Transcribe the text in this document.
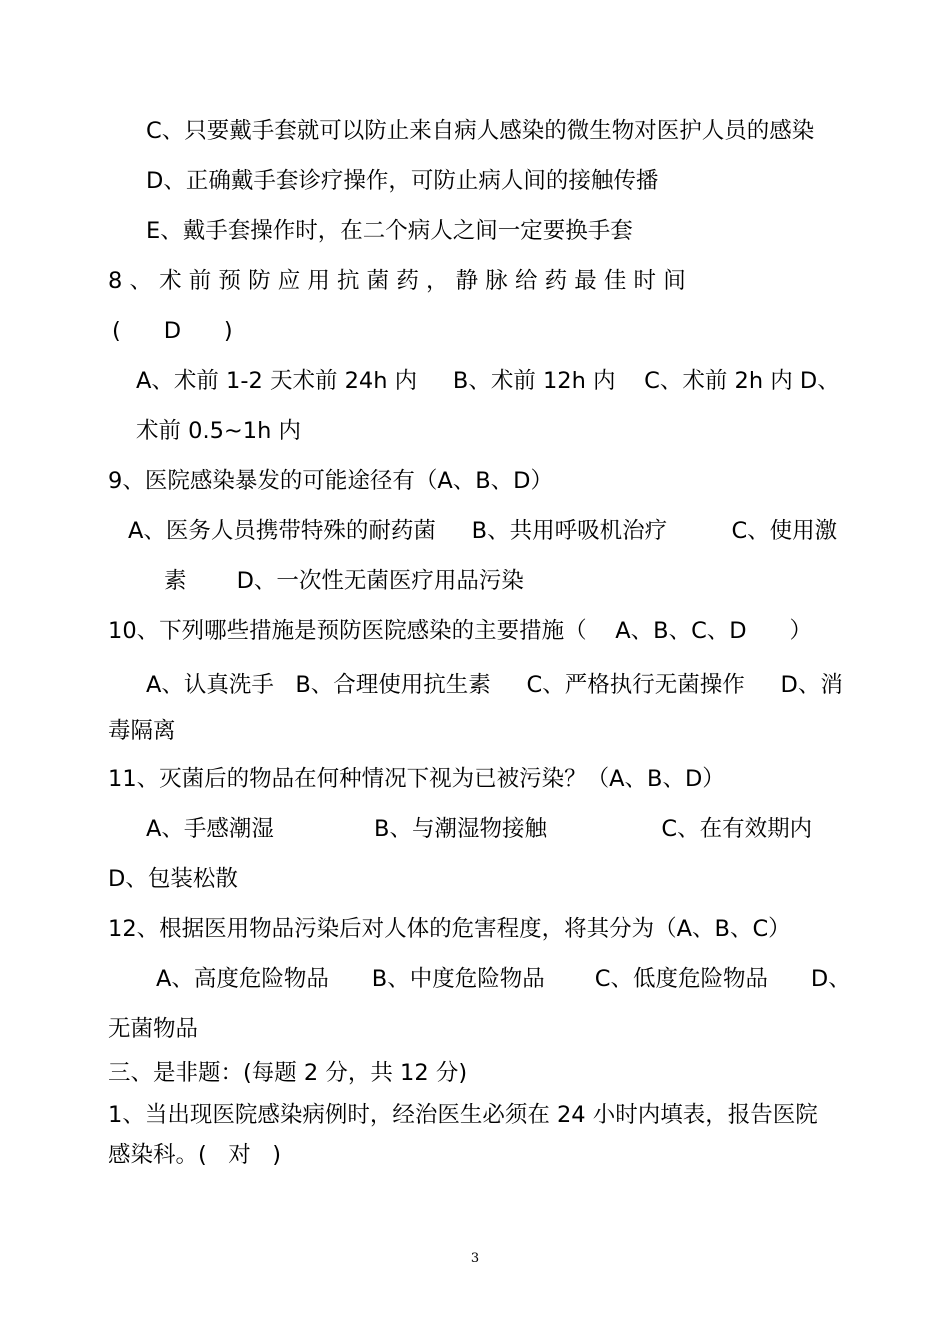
C、只要戴手套就可以防止来自病人感染的微生物对医护人员的感染
D、正确戴手套诊疗操作，可防止病人间的接触传播
E、戴手套操作时，在二个病人之间一定要换手套
8 、 术 前 预 防 应 用 抗 菌 药 ， 静 脉 给 药 最 佳 时 间
(      D      )
A、术前 1-2 天术前 24h 内     B、术前 12h 内    C、术前 2h 内 D、
术前 0.5~1h 内
9、医院感染暴发的可能途径有（A、B、D）
A、医务人员携带特殊的耐药菌     B、共用呼吸机治疗         C、使用激
素       D、一次性无菌医疗用品污染
10、下列哪些措施是预防医院感染的主要措施（    A、B、C、D      ）
A、认真洗手   B、合理使用抗生素     C、严格执行无菌操作     D、消
毒隔离
11、灭菌后的物品在何种情况下视为已被污染？（A、B、D）
A、手感潮湿              B、与潮湿物接触                C、在有效期内
D、包装松散
12、根据医用物品污染后对人体的危害程度，将其分为（A、B、C）
A、高度危险物品      B、中度危险物品       C、低度危险物品      D、
无菌物品
三、是非题：(每题 2 分，共 12 分)
1、当出现医院感染病例时，经治医生必须在 24 小时内填表，报告医院
感染科。(   对   )
3
